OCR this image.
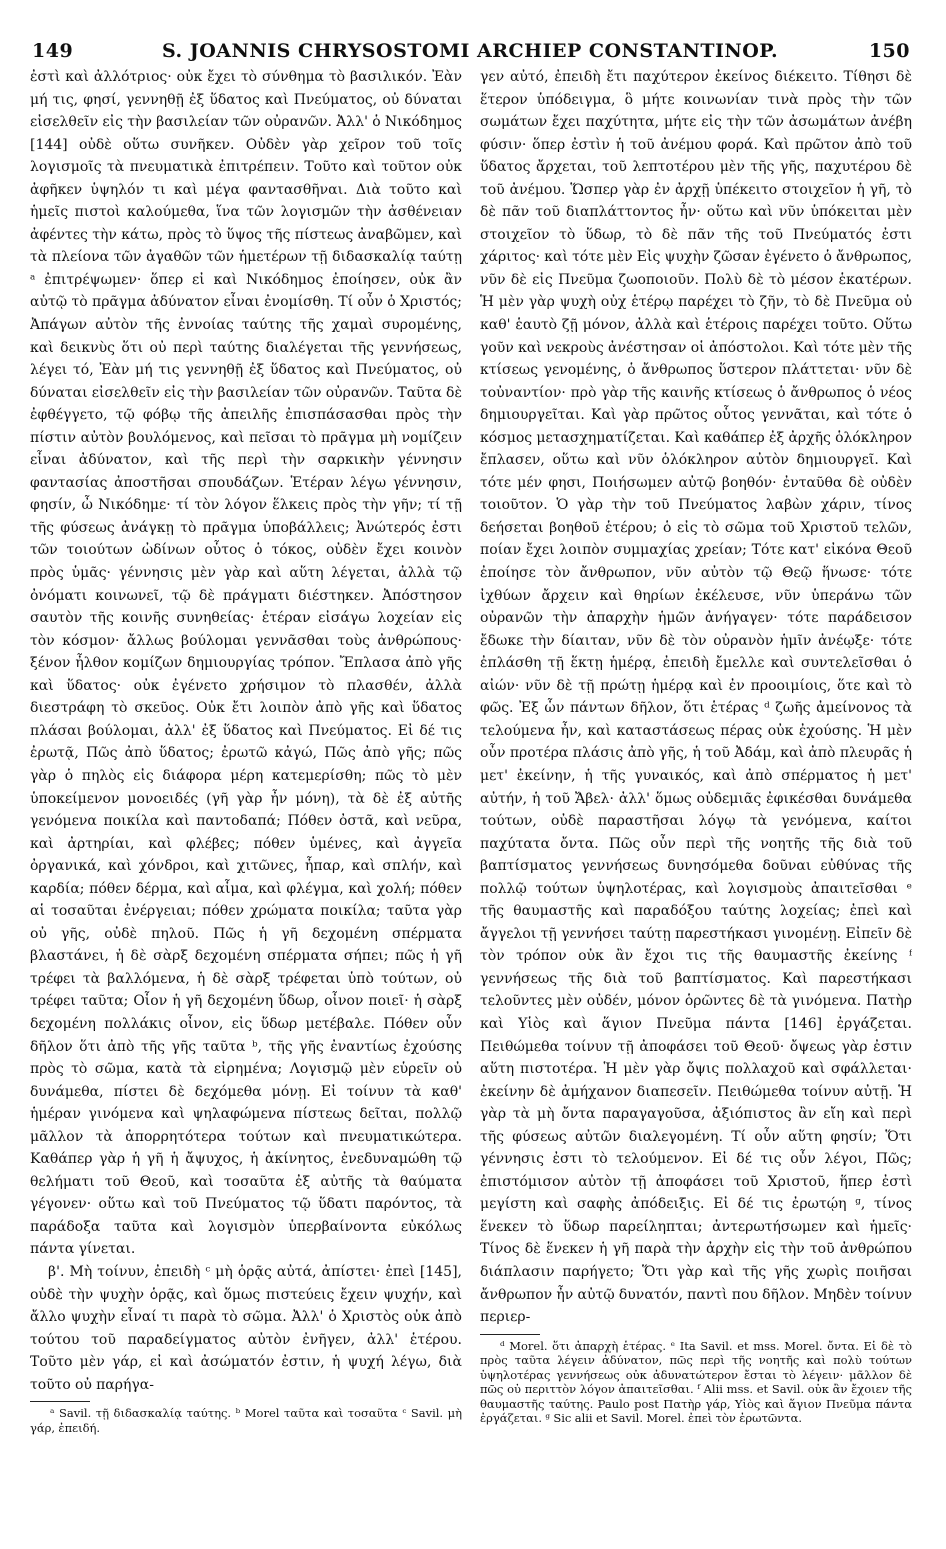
149	S. JOANNIS CHRYSOSTOMI ARCHIEP CONSTANTINOP.	150

ἐστὶ καὶ ἀλλότριος· οὐκ ἔχει τὸ σύνθημα τὸ βασιλικόν. Ἐὰν μή τις, φησί, γεννηθῇ ἐξ ὕδατος καὶ Πνεύματος, οὐ δύναται εἰσελθεῖν εἰς τὴν βασιλείαν τῶν οὐρανῶν. Ἀλλ' ὁ Νικόδημος [144] οὐδὲ οὕτω συνῆκεν. Οὐδὲν γὰρ χεῖρον τοῦ τοῖς λογισμοῖς τὰ πνευματικὰ ἐπιτρέπειν. Τοῦτο καὶ τοῦτον οὐκ ἀφῆκεν ὑψηλόν τι καὶ μέγα φαντασθῆναι. Διὰ τοῦτο καὶ ἡμεῖς πιστοὶ καλούμεθα, ἵνα τῶν λογισμῶν τὴν ἀσθένειαν ἀφέντες τὴν κάτω, πρὸς τὸ ὕψος τῆς πίστεως ἀναβῶμεν, καὶ τὰ πλείονα τῶν ἀγαθῶν τῶν ἡμετέρων τῇ διδασκαλίᾳ ταύτῃ ᵃ ἐπιτρέψωμεν· ὅπερ εἰ καὶ Νικόδημος ἐποίησεν, οὐκ ἂν αὐτῷ τὸ πρᾶγμα ἀδύνατον εἶναι ἐνομίσθη. Τί οὖν ὁ Χριστός; Ἀπάγων αὐτὸν τῆς ἐννοίας ταύτης τῆς χαμαὶ συρομένης, καὶ δεικνὺς ὅτι οὐ περὶ ταύτης διαλέγεται τῆς γεννήσεως, λέγει τό, Ἐὰν μή τις γεννηθῇ ἐξ ὕδατος καὶ Πνεύματος, οὐ δύναται εἰσελθεῖν εἰς τὴν βασιλείαν τῶν οὐρανῶν. Ταῦτα δὲ ἐφθέγγετο, τῷ φόβῳ τῆς ἀπειλῆς ἐπισπάσασθαι πρὸς τὴν πίστιν αὐτὸν βουλόμενος, καὶ πεῖσαι τὸ πρᾶγμα μὴ νομίζειν εἶναι ἀδύνατον, καὶ τῆς περὶ τὴν σαρκικὴν γέννησιν φαντασίας ἀποστῆσαι σπουδάζων. Ἑτέραν λέγω γέννησιν, φησίν, ὦ Νικόδημε· τί τὸν λόγον ἕλκεις πρὸς τὴν γῆν; τί τῇ τῆς φύσεως ἀνάγκῃ τὸ πρᾶγμα ὑποβάλλεις; Ἀνώτερός ἐστι τῶν τοιούτων ὠδίνων οὗτος ὁ τόκος, οὐδὲν ἔχει κοινὸν πρὸς ὑμᾶς· γέννησις μὲν γὰρ καὶ αὕτη λέγεται, ἀλλὰ τῷ ὀνόματι κοινωνεῖ, τῷ δὲ πράγματι διέστηκεν. Ἀπόστησον σαυτὸν τῆς κοινῆς συνηθείας· ἑτέραν εἰσάγω λοχείαν εἰς τὸν κόσμον· ἄλλως βούλομαι γεννᾶσθαι τοὺς ἀνθρώπους· ξένον ἦλθον κομίζων δημιουργίας τρόπον. Ἔπλασα ἀπὸ γῆς καὶ ὕδατος· οὐκ ἐγένετο χρήσιμον τὸ πλασθέν, ἀλλὰ διεστράφη τὸ σκεῦος. Οὐκ ἔτι λοιπὸν ἀπὸ γῆς καὶ ὕδατος πλάσαι βούλομαι, ἀλλ' ἐξ ὕδατος καὶ Πνεύματος. Εἰ δέ τις ἐρωτᾷ, Πῶς ἀπὸ ὕδατος; ἐρωτῶ κἀγώ, Πῶς ἀπὸ γῆς; πῶς γὰρ ὁ πηλὸς εἰς διάφορα μέρη κατεμερίσθη; πῶς τὸ μὲν ὑποκείμενον μονοειδές (γῆ γὰρ ἦν μόνη), τὰ δὲ ἐξ αὐτῆς γενόμενα ποικίλα καὶ παντοδαπά; Πόθεν ὀστᾶ, καὶ νεῦρα, καὶ ἀρτηρίαι, καὶ φλέβες; πόθεν ὑμένες, καὶ ἀγγεῖα ὀργανικά, καὶ χόνδροι, καὶ χιτῶνες, ἧπαρ, καὶ σπλήν, καὶ καρδία; πόθεν δέρμα, καὶ αἷμα, καὶ φλέγμα, καὶ χολή; πόθεν αἱ τοσαῦται ἐνέργειαι; πόθεν χρώματα ποικίλα; ταῦτα γὰρ οὐ γῆς, οὐδὲ πηλοῦ. Πῶς ἡ γῆ δεχομένη σπέρματα βλαστάνει, ἡ δὲ σὰρξ δεχομένη σπέρματα σήπει; πῶς ἡ γῆ τρέφει τὰ βαλλόμενα, ἡ δὲ σὰρξ τρέφεται ὑπὸ τούτων, οὐ τρέφει ταῦτα; Οἷον ἡ γῆ δεχομένη ὕδωρ, οἶνον ποιεῖ· ἡ σὰρξ δεχομένη πολλάκις οἶνον, εἰς ὕδωρ μετέβαλε. Πόθεν οὖν δῆλον ὅτι ἀπὸ τῆς γῆς ταῦτα ᵇ, τῆς γῆς ἐναντίως ἐχούσης πρὸς τὸ σῶμα, κατὰ τὰ εἰρημένα; Λογισμῷ μὲν εὑρεῖν οὐ δυνάμεθα, πίστει δὲ δεχόμεθα μόνῃ. Εἰ τοίνυν τὰ καθ' ἡμέραν γινόμενα καὶ ψηλαφώμενα πίστεως δεῖται, πολλῷ μᾶλλον τὰ ἀπορρητότερα τούτων καὶ πνευματικώτερα. Καθάπερ γὰρ ἡ γῆ ἡ ἄψυχος, ἡ ἀκίνητος, ἐνεδυναμώθη τῷ θελήματι τοῦ Θεοῦ, καὶ τοσαῦτα ἐξ αὐτῆς τὰ θαύματα γέγονεν· οὕτω καὶ τοῦ Πνεύματος τῷ ὕδατι παρόντος, τὰ παράδοξα ταῦτα καὶ λογισμὸν ὑπερβαίνοντα εὐκόλως πάντα γίνεται.

β'. Μὴ τοίνυν, ἐπειδὴ ᶜ μὴ ὁρᾷς αὐτά, ἀπίστει· ἐπεὶ [145], οὐδὲ τὴν ψυχὴν ὁρᾷς, καὶ ὅμως πιστεύεις ἔχειν ψυχήν, καὶ ἄλλο ψυχὴν εἶναί τι παρὰ τὸ σῶμα. Ἀλλ' ὁ Χριστὸς οὐκ ἀπὸ τούτου τοῦ παραδείγματος αὐτὸν ἐνῆγεν, ἀλλ' ἑτέρου. Τοῦτο μὲν γάρ, εἰ καὶ ἀσώματόν ἐστιν, ἡ ψυχή λέγω, διὰ τοῦτο οὐ παρήγα-

ᵃ Savil. τῇ διδασκαλίᾳ ταύτης. ᵇ Morel ταῦτα καὶ τοσαῦτα ᶜ Savil. μὴ γάρ, ἐπειδή.

γεν αὐτό, ἐπειδὴ ἔτι παχύτερον ἐκείνος διέκειτο. Τίθησι δὲ ἕτερον ὑπόδειγμα, ὃ μήτε κοινωνίαν τινὰ πρὸς τὴν τῶν σωμάτων ἔχει παχύτητα, μήτε εἰς τὴν τῶν ἀσωμάτων ἀνέβη φύσιν· ὅπερ ἐστὶν ἡ τοῦ ἀνέμου φορά. Καὶ πρῶτον ἀπὸ τοῦ ὕδατος ἄρχεται, τοῦ λεπτοτέρου μὲν τῆς γῆς, παχυτέρου δὲ τοῦ ἀνέμου. Ὥσπερ γὰρ ἐν ἀρχῇ ὑπέκειτο στοιχεῖον ἡ γῆ, τὸ δὲ πᾶν τοῦ διαπλάττοντος ἦν· οὕτω καὶ νῦν ὑπόκειται μὲν στοιχεῖον τὸ ὕδωρ, τὸ δὲ πᾶν τῆς τοῦ Πνεύματός ἐστι χάριτος· καὶ τότε μὲν Εἰς ψυχὴν ζῶσαν ἐγένετο ὁ ἄνθρωπος, νῦν δὲ εἰς Πνεῦμα ζωοποιοῦν. Πολὺ δὲ τὸ μέσον ἑκατέρων. Ἡ μὲν γὰρ ψυχὴ οὐχ ἑτέρῳ παρέχει τὸ ζῆν, τὸ δὲ Πνεῦμα οὐ καθ' ἑαυτὸ ζῇ μόνον, ἀλλὰ καὶ ἑτέροις παρέχει τοῦτο. Οὕτω γοῦν καὶ νεκροὺς ἀνέστησαν οἱ ἀπόστολοι. Καὶ τότε μὲν τῆς κτίσεως γενομένης, ὁ ἄνθρωπος ὕστερον πλάττεται· νῦν δὲ τοὐναντίον· πρὸ γὰρ τῆς καινῆς κτίσεως ὁ ἄνθρωπος ὁ νέος δημιουργεῖται. Καὶ γὰρ πρῶτος οὗτος γεννᾶται, καὶ τότε ὁ κόσμος μετασχηματίζεται. Καὶ καθάπερ ἐξ ἀρχῆς ὁλόκληρον ἔπλασεν, οὕτω καὶ νῦν ὁλόκληρον αὐτὸν δημιουργεῖ. Καὶ τότε μέν φησι, Ποιήσωμεν αὐτῷ βοηθόν· ἐνταῦθα δὲ οὐδὲν τοιοῦτον. Ὁ γὰρ τὴν τοῦ Πνεύματος λαβὼν χάριν, τίνος δεήσεται βοηθοῦ ἑτέρου; ὁ εἰς τὸ σῶμα τοῦ Χριστοῦ τελῶν, ποίαν ἔχει λοιπὸν συμμαχίας χρείαν; Τότε κατ' εἰκόνα Θεοῦ ἐποίησε τὸν ἄνθρωπον, νῦν αὐτὸν τῷ Θεῷ ἥνωσε· τότε ἰχθύων ἄρχειν καὶ θηρίων ἐκέλευσε, νῦν ὑπεράνω τῶν οὐρανῶν τὴν ἀπαρχὴν ἡμῶν ἀνήγαγεν· τότε παράδεισον ἔδωκε τὴν δίαιταν, νῦν δὲ τὸν οὐρανὸν ἡμῖν ἀνέῳξε· τότε ἐπλάσθη τῇ ἕκτῃ ἡμέρᾳ, ἐπειδὴ ἔμελλε καὶ συντελεῖσθαι ὁ αἰών· νῦν δὲ τῇ πρώτῃ ἡμέρᾳ καὶ ἐν προοιμίοις, ὅτε καὶ τὸ φῶς. Ἐξ ὧν πάντων δῆλον, ὅτι ἑτέρας ᵈ ζωῆς ἀμείνονος τὰ τελούμενα ἦν, καὶ καταστάσεως πέρας οὐκ ἐχούσης. Ἡ μὲν οὖν προτέρα πλάσις ἀπὸ γῆς, ἡ τοῦ Ἀδάμ, καὶ ἀπὸ πλευρᾶς ἡ μετ' ἐκείνην, ἡ τῆς γυναικός, καὶ ἀπὸ σπέρματος ἡ μετ' αὐτήν, ἡ τοῦ Ἄβελ· ἀλλ' ὅμως οὐδεμιᾶς ἐφικέσθαι δυνάμεθα τούτων, οὐδὲ παραστῆσαι λόγῳ τὰ γενόμενα, καίτοι παχύτατα ὄντα. Πῶς οὖν περὶ τῆς νοητῆς τῆς διὰ τοῦ βαπτίσματος γεννήσεως δυνησόμεθα δοῦναι εὐθύνας τῆς πολλῷ τούτων ὑψηλοτέρας, καὶ λογισμοὺς ἀπαιτεῖσθαι ᵉ τῆς θαυμαστῆς καὶ παραδόξου ταύτης λοχείας; ἐπεὶ καὶ ἄγγελοι τῇ γεννήσει ταύτῃ παρεστήκασι γινομένῃ. Εἰπεῖν δὲ τὸν τρόπον οὐκ ἂν ἔχοι τις τῆς θαυμαστῆς ἐκείνης ᶠ γεννήσεως τῆς διὰ τοῦ βαπτίσματος. Καὶ παρεστήκασι τελοῦντες μὲν οὐδέν, μόνον ὁρῶντες δὲ τὰ γινόμενα. Πατὴρ καὶ Υἱὸς καὶ ἅγιον Πνεῦμα πάντα [146] ἐργάζεται. Πειθώμεθα τοίνυν τῇ ἀποφάσει τοῦ Θεοῦ· ὄψεως γὰρ ἐστιν αὕτη πιστοτέρα. Ἡ μὲν γὰρ ὄψις πολλαχοῦ καὶ σφάλλεται· ἐκείνην δὲ ἀμήχανον διαπεσεῖν. Πειθώμεθα τοίνυν αὐτῇ. Ἡ γὰρ τὰ μὴ ὄντα παραγαγοῦσα, ἀξιόπιστος ἂν εἴη καὶ περὶ τῆς φύσεως αὐτῶν διαλεγομένη. Τί οὖν αὕτη φησίν; Ὅτι γέννησις ἐστι τὸ τελούμενον. Εἰ δέ τις οὖν λέγοι, Πῶς; ἐπιστόμισον αὐτὸν τῇ ἀποφάσει τοῦ Χριστοῦ, ἥπερ ἐστὶ μεγίστη καὶ σαφὴς ἀπόδειξις. Εἰ δέ τις ἐρωτῴη ᵍ, τίνος ἕνεκεν τὸ ὕδωρ παρείληπται; ἀντερωτήσωμεν καὶ ἡμεῖς· Τίνος δὲ ἕνεκεν ἡ γῆ παρὰ τὴν ἀρχὴν εἰς τὴν τοῦ ἀνθρώπου διάπλασιν παρήγετο; Ὅτι γὰρ καὶ τῆς γῆς χωρὶς ποιῆσαι ἄνθρωπον ἦν αὐτῷ δυνατόν, παντὶ που δῆλον. Μηδὲν τοίνυν περιερ-

ᵈ Morel. ὅτι ἀπαρχὴ ἑτέρας. ᵉ Ita Savil. et mss. Morel. ὄντα. Εἰ δὲ τὸ πρὸς ταῦτα λέγειν ἀδύνατον, πῶς περὶ τῆς νοητῆς καὶ πολὺ τούτων ὑψηλοτέρας γεννήσεως οὐκ ἀδυνατώτερον ἔσται τὸ λέγειν· μᾶλλον δὲ πῶς οὐ περιττὸν λόγον ἀπαιτεῖσθαι. ᶠ Alii mss. et Savil. οὐκ ἂν ἔχοιεν τῆς θαυμαστῆς ταύτης. Paulo post Πατὴρ γάρ, Υἱὸς καὶ ἅγιον Πνεῦμα πάντα ἐργάζεται. ᵍ Sic alii et Savil. Morel. ἐπεὶ τὸν ἐρωτῶντα.
